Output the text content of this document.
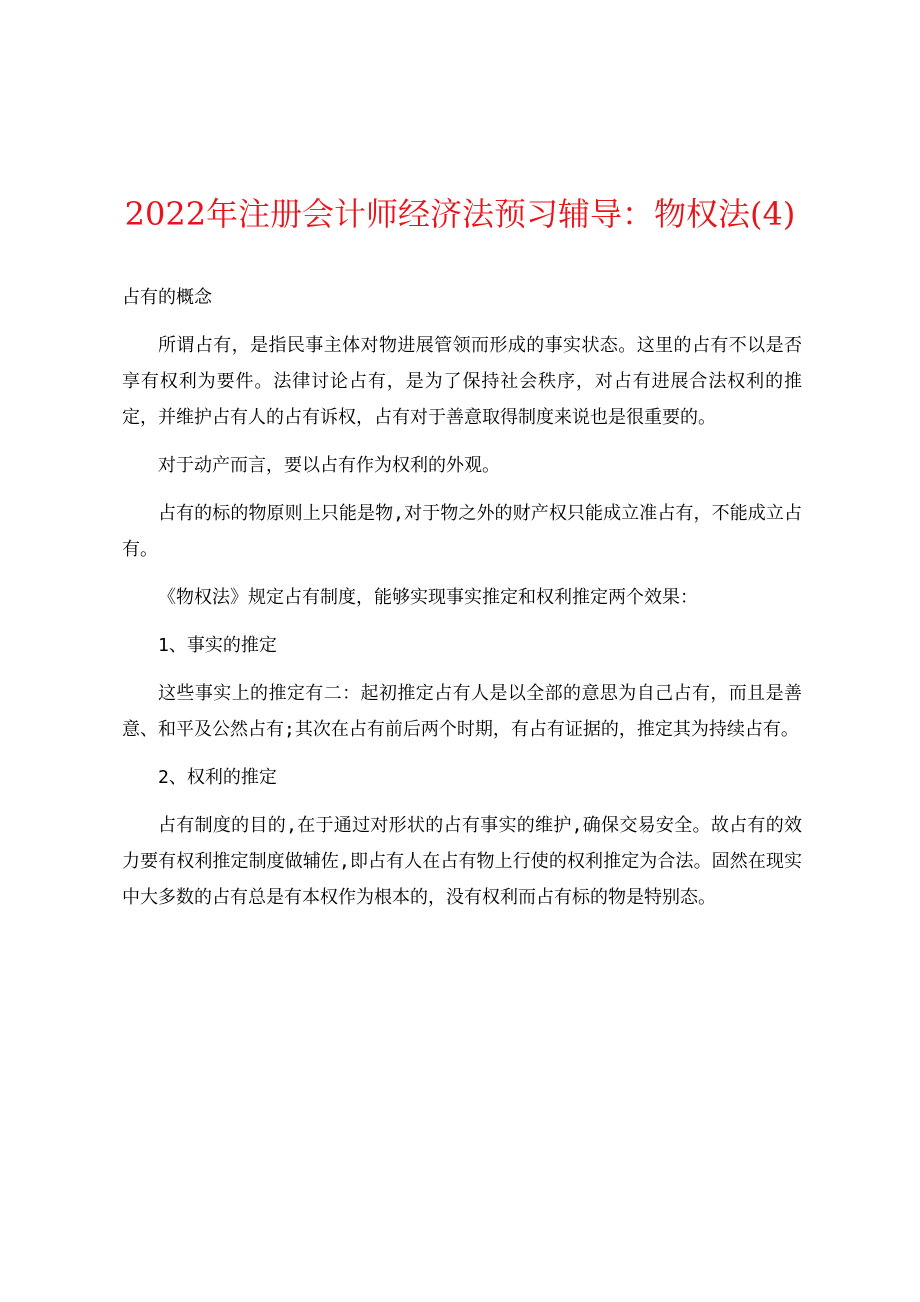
2022年注册会计师经济法预习辅导：物权法(4)

占有的概念

所谓占有，是指民事主体对物进展管领而形成的事实状态。这里的占有不以是否享有权利为要件。法律讨论占有，是为了保持社会秩序，对占有进展合法权利的推定，并维护占有人的占有诉权，占有对于善意取得制度来说也是很重要的。

对于动产而言，要以占有作为权利的外观。

占有的标的物原则上只能是物,对于物之外的财产权只能成立准占有，不能成立占有。

《物权法》规定占有制度，能够实现事实推定和权利推定两个效果：

1、事实的推定

这些事实上的推定有二：起初推定占有人是以全部的意思为自己占有，而且是善意、和平及公然占有;其次在占有前后两个时期，有占有证据的，推定其为持续占有。

2、权利的推定

占有制度的目的,在于通过对形状的占有事实的维护,确保交易安全。故占有的效力要有权利推定制度做辅佐,即占有人在占有物上行使的权利推定为合法。固然在现实中大多数的占有总是有本权作为根本的，没有权利而占有标的物是特别态。
